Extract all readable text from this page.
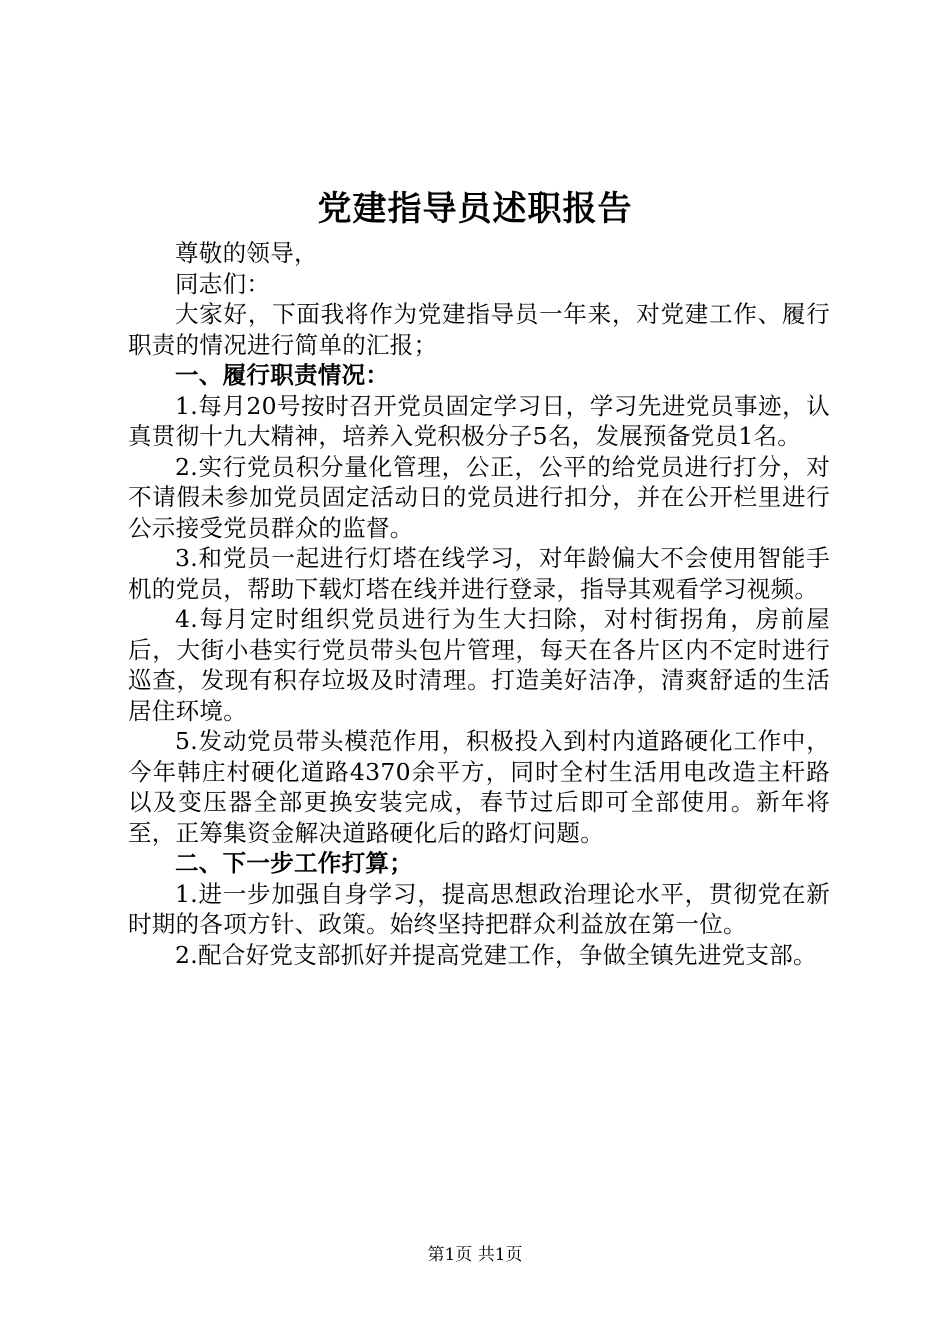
党建指导员述职报告

尊敬的领导，

同志们：

大家好，下面我将作为党建指导员一年来，对党建工作、履行职责的情况进行简单的汇报；

一、履行职责情况：

1.每月20号按时召开党员固定学习日，学习先进党员事迹，认真贯彻十九大精神，培养入党积极分子5名，发展预备党员1名。

2.实行党员积分量化管理，公正，公平的给党员进行打分，对不请假未参加党员固定活动日的党员进行扣分，并在公开栏里进行公示接受党员群众的监督。

3.和党员一起进行灯塔在线学习，对年龄偏大不会使用智能手机的党员，帮助下载灯塔在线并进行登录，指导其观看学习视频。

4.每月定时组织党员进行为生大扫除，对村街拐角，房前屋后，大街小巷实行党员带头包片管理，每天在各片区内不定时进行巡查，发现有积存垃圾及时清理。打造美好洁净，清爽舒适的生活居住环境。

5.发动党员带头模范作用，积极投入到村内道路硬化工作中，今年韩庄村硬化道路4370余平方，同时全村生活用电改造主杆路以及变压器全部更换安装完成，春节过后即可全部使用。新年将至，正筹集资金解决道路硬化后的路灯问题。

二、下一步工作打算；

1.进一步加强自身学习，提高思想政治理论水平，贯彻党在新时期的各项方针、政策。始终坚持把群众利益放在第一位。

2.配合好党支部抓好并提高党建工作，争做全镇先进党支部。

第1页 共1页
